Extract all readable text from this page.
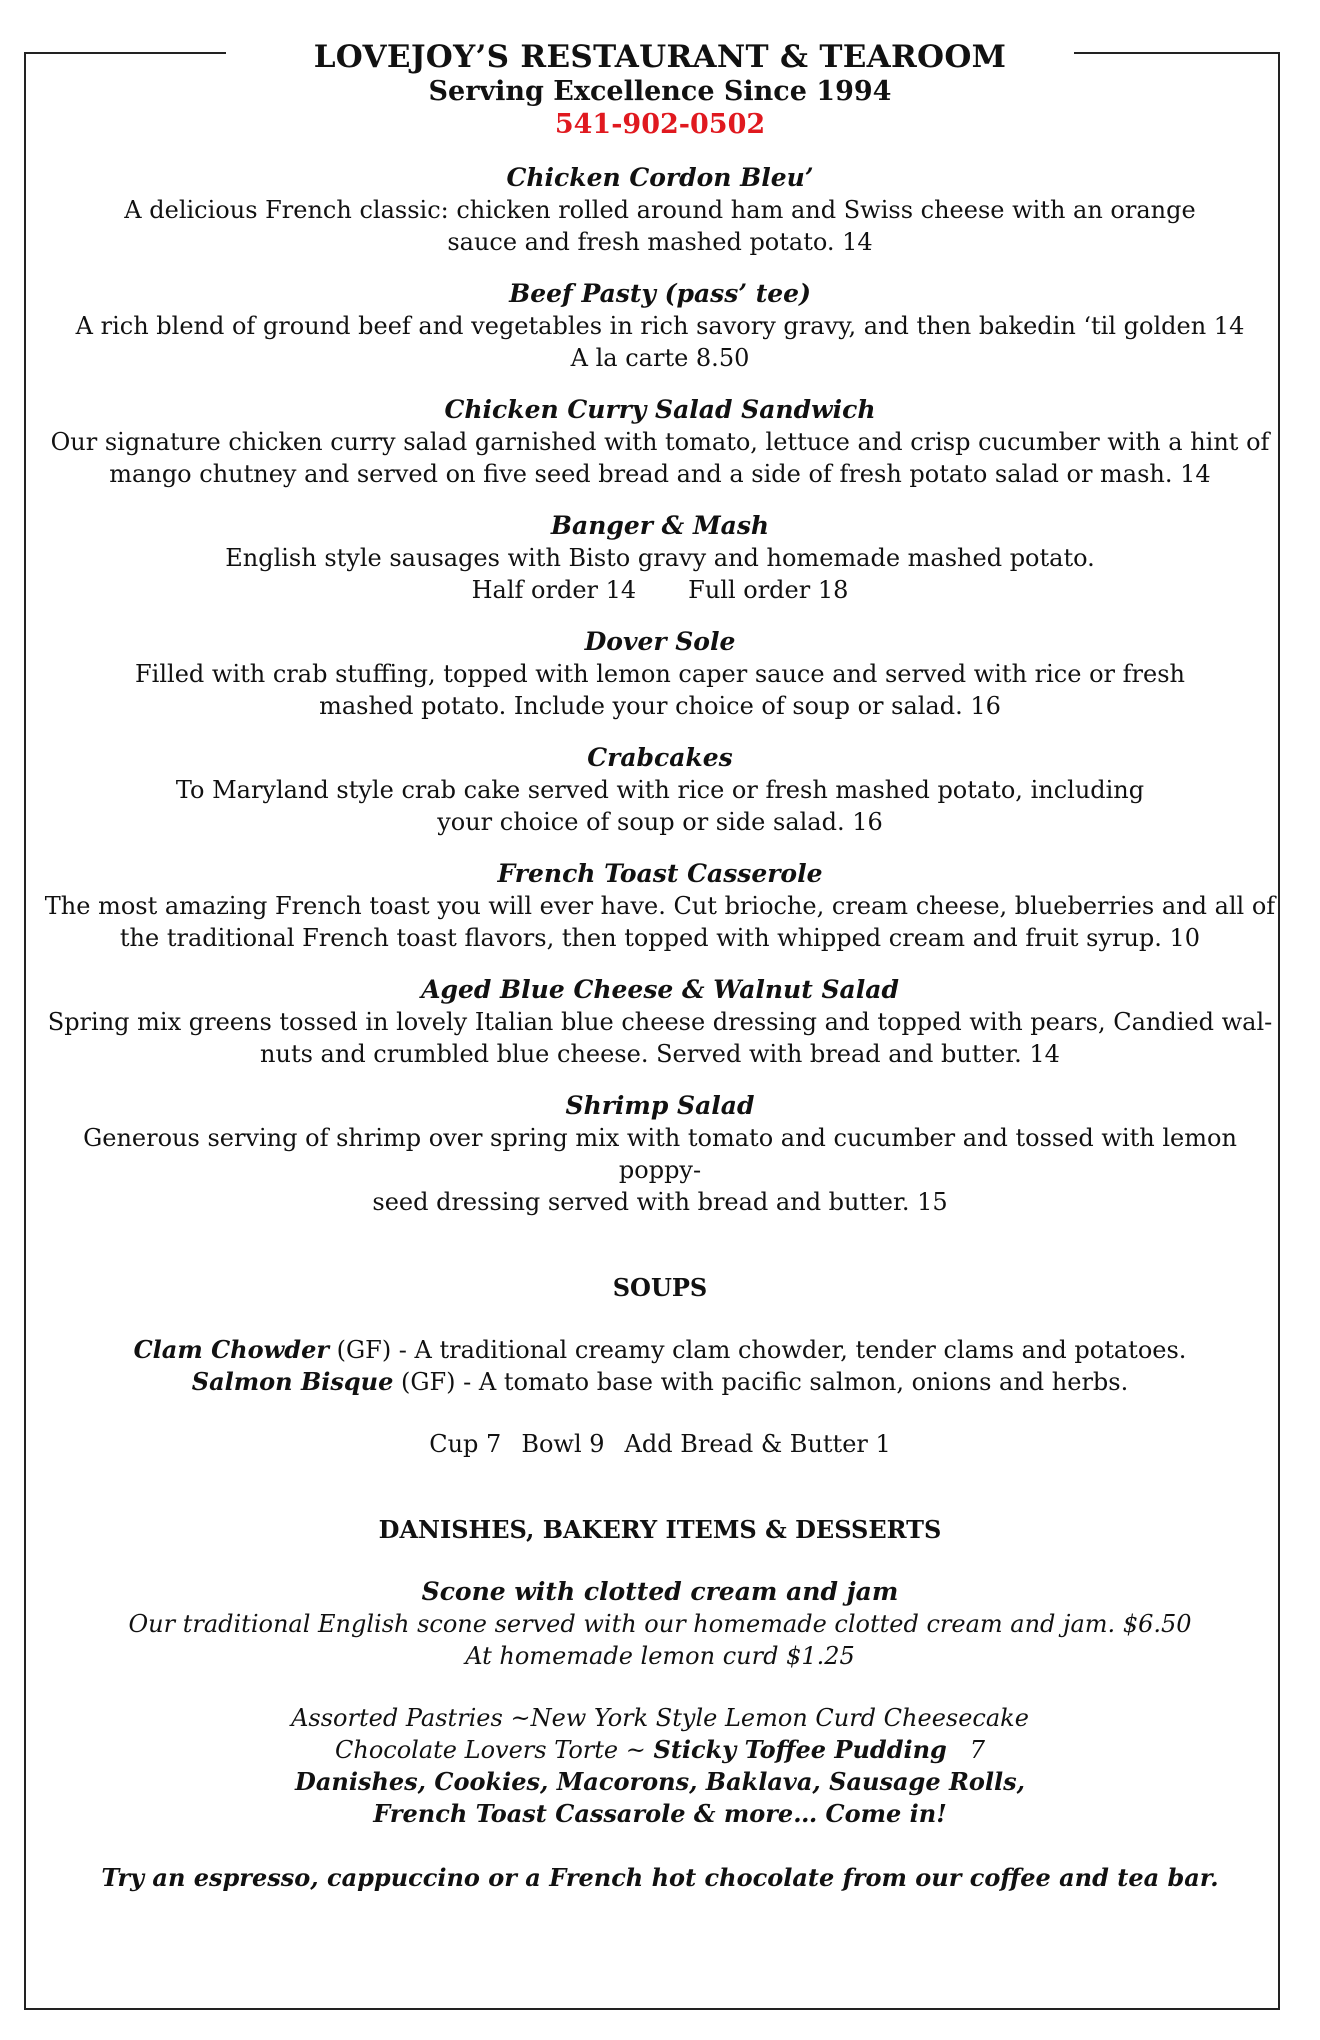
LOVEJOY’S RESTAURANT & TEAROOM
Serving Excellence Since 1994
541-902-0502
Chicken Cordon Bleu’
A delicious French classic: chicken rolled around ham and Swiss cheese with an orange
sauce and fresh mashed potato. 14
Beef Pasty (pass’ tee)
A rich blend of ground beef and vegetables in rich savory gravy, and then bakedin ‘til golden 14
A la carte 8.50
Chicken Curry Salad Sandwich
Our signature chicken curry salad garnished with tomato, lettuce and crisp cucumber with a hint of
mango chutney and served on five seed bread and a side of fresh potato salad or mash. 14
Banger & Mash
English style sausages with Bisto gravy and homemade mashed potato.
Half order 14 Full order 18
Dover Sole
Filled with crab stuffing, topped with lemon caper sauce and served with rice or fresh
mashed potato. Include your choice of soup or salad. 16
Crabcakes
To Maryland style crab cake served with rice or fresh mashed potato, including
your choice of soup or side salad. 16
French Toast Casserole
The most amazing French toast you will ever have. Cut brioche, cream cheese, blueberries and all of
the traditional French toast flavors, then topped with whipped cream and fruit syrup. 10
Aged Blue Cheese & Walnut Salad
Spring mix greens tossed in lovely Italian blue cheese dressing and topped with pears, Candied wal-
nuts and crumbled blue cheese. Served with bread and butter. 14
Shrimp Salad
Generous serving of shrimp over spring mix with tomato and cucumber and tossed with lemon poppy-
seed dressing served with bread and butter. 15
SOUPS
Clam Chowder (GF) - A traditional creamy clam chowder, tender clams and potatoes.
Salmon Bisque (GF) - A tomato base with pacific salmon, onions and herbs.
Cup 7 Bowl 9 Add Bread & Butter 1
DANISHES, BAKERY ITEMS & DESSERTS
Scone with clotted cream and jam
Our traditional English scone served with our homemade clotted cream and jam. $6.50
At homemade lemon curd $1.25
Assorted Pastries ~New York Style Lemon Curd Cheesecake
Chocolate Lovers Torte ~ Sticky Toffee Pudding   7
Danishes, Cookies, Macorons, Baklava, Sausage Rolls,
French Toast Cassarole & more… Come in!
Try an espresso, cappuccino or a French hot chocolate from our coffee and tea bar.
